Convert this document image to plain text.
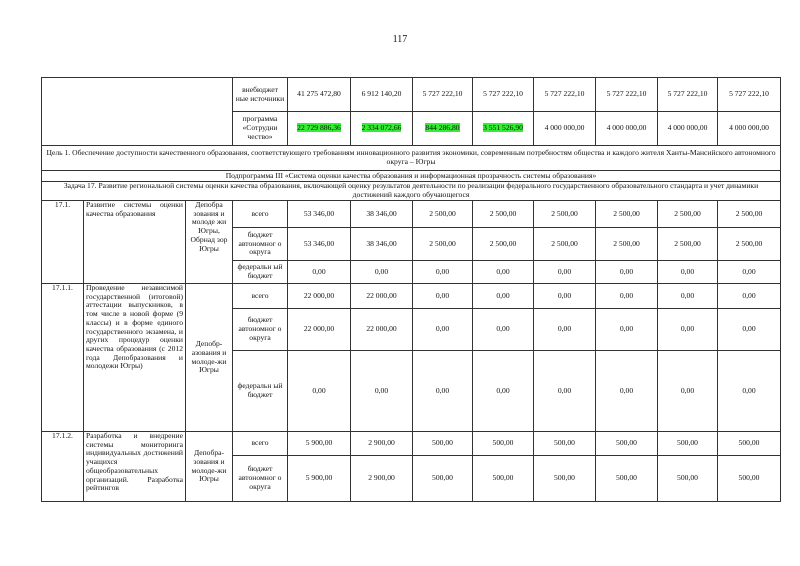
117
			внебюджет ные источники	41 275 472,80	6 912 140,20	5 727 222,10	5 727 222,10	5 727 222,10	5 727 222,10	5 727 222,10	5 727 222,10
			программа «Сотрудни чество»	22 729 886,36	2 334 072,66	844 286,80	3 551 526,90	4 000 000,00	4 000 000,00	4 000 000,00	4 000 000,00
Цель 1. Обеспечение доступности качественного образования, соответствующего требованиям инновационного развития экономики, современным потребностям общества и каждого жителя Ханты-Мансийского автономного округа – Югры											
Подпрограмма III «Система оценки качества образования и информационная прозрачность системы образования»											
Задача 17. Развитие региональной системы оценки качества образования, включающей оценку результатов деятельности по реализации федерального государственного образовательного стандарта и учет динамики достижений каждого обучающегося											
17.1.	Развитие системы оценки качества образования	Депобра зования и молоде жи Югры, Обрнад зор Югры	всего	53 346,00	38 346,00	2 500,00	2 500,00	2 500,00	2 500,00	2 500,00	2 500,00
			бюджет автономног о округа	53 346,00	38 346,00	2 500,00	2 500,00	2 500,00	2 500,00	2 500,00	2 500,00
			федеральн ый бюджет	0,00	0,00	0,00	0,00	0,00	0,00	0,00	0,00
17.1.1.	Проведение независимой государственной (итоговой) аттестации выпускников, в том числе в новой форме (9 классы) и в форме единого государственного экзамена, и других процедур оценки качества образования (с 2012 года Депобразования и молодежи Югры)	Депобр-азования и молоде-жи Югры	всего	22 000,00	22 000,00	0,00	0,00	0,00	0,00	0,00	0,00
			бюджет автономног о округа	22 000,00	22 000,00	0,00	0,00	0,00	0,00	0,00	0,00
			федеральн ый бюджет	0,00	0,00	0,00	0,00	0,00	0,00	0,00	0,00
17.1.2.	Разработка и внедрение системы мониторинга индивидуальных достижений учащихся общеобразовательных организаций. Разработка рейтингов	Депобра-зования и молоде-жи Югры	всего	5 900,00	2 900,00	500,00	500,00	500,00	500,00	500,00	500,00
			бюджет автономног о округа	5 900,00	2 900,00	500,00	500,00	500,00	500,00	500,00	500,00
